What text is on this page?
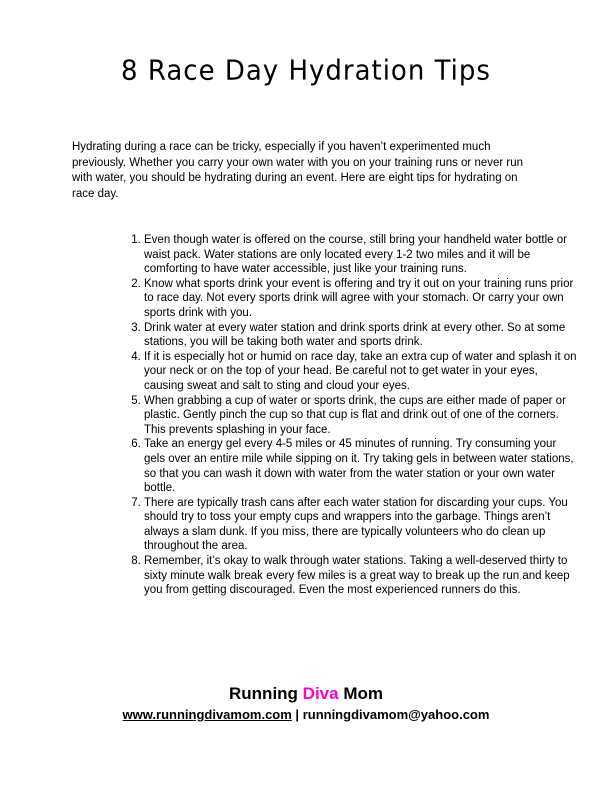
8 Race Day Hydration Tips

Hydrating during a race can be tricky, especially if you haven’t experimented much previously. Whether you carry your own water with you on your training runs or never run with water, you should be hydrating during an event. Here are eight tips for hydrating on race day.

1. Even though water is offered on the course, still bring your handheld water bottle or waist pack. Water stations are only located every 1-2 two miles and it will be comforting to have water accessible, just like your training runs.
2. Know what sports drink your event is offering and try it out on your training runs prior to race day. Not every sports drink will agree with your stomach. Or carry your own sports drink with you.
3. Drink water at every water station and drink sports drink at every other. So at some stations, you will be taking both water and sports drink.
4. If it is especially hot or humid on race day, take an extra cup of water and splash it on your neck or on the top of your head. Be careful not to get water in your eyes, causing sweat and salt to sting and cloud your eyes.
5. When grabbing a cup of water or sports drink, the cups are either made of paper or plastic. Gently pinch the cup so that cup is flat and drink out of one of the corners. This prevents splashing in your face.
6. Take an energy gel every 4-5 miles or 45 minutes of running. Try consuming your gels over an entire mile while sipping on it. Try taking gels in between water stations, so that you can wash it down with water from the water station or your own water bottle.
7. There are typically trash cans after each water station for discarding your cups. You should try to toss your empty cups and wrappers into the garbage. Things aren’t always a slam dunk. If you miss, there are typically volunteers who do clean up throughout the area.
8. Remember, it’s okay to walk through water stations. Taking a well-deserved thirty to sixty minute walk break every few miles is a great way to break up the run and keep you from getting discouraged. Even the most experienced runners do this.
Running Diva Mom
www.runningdivamom.com | runningdivamom@yahoo.com
